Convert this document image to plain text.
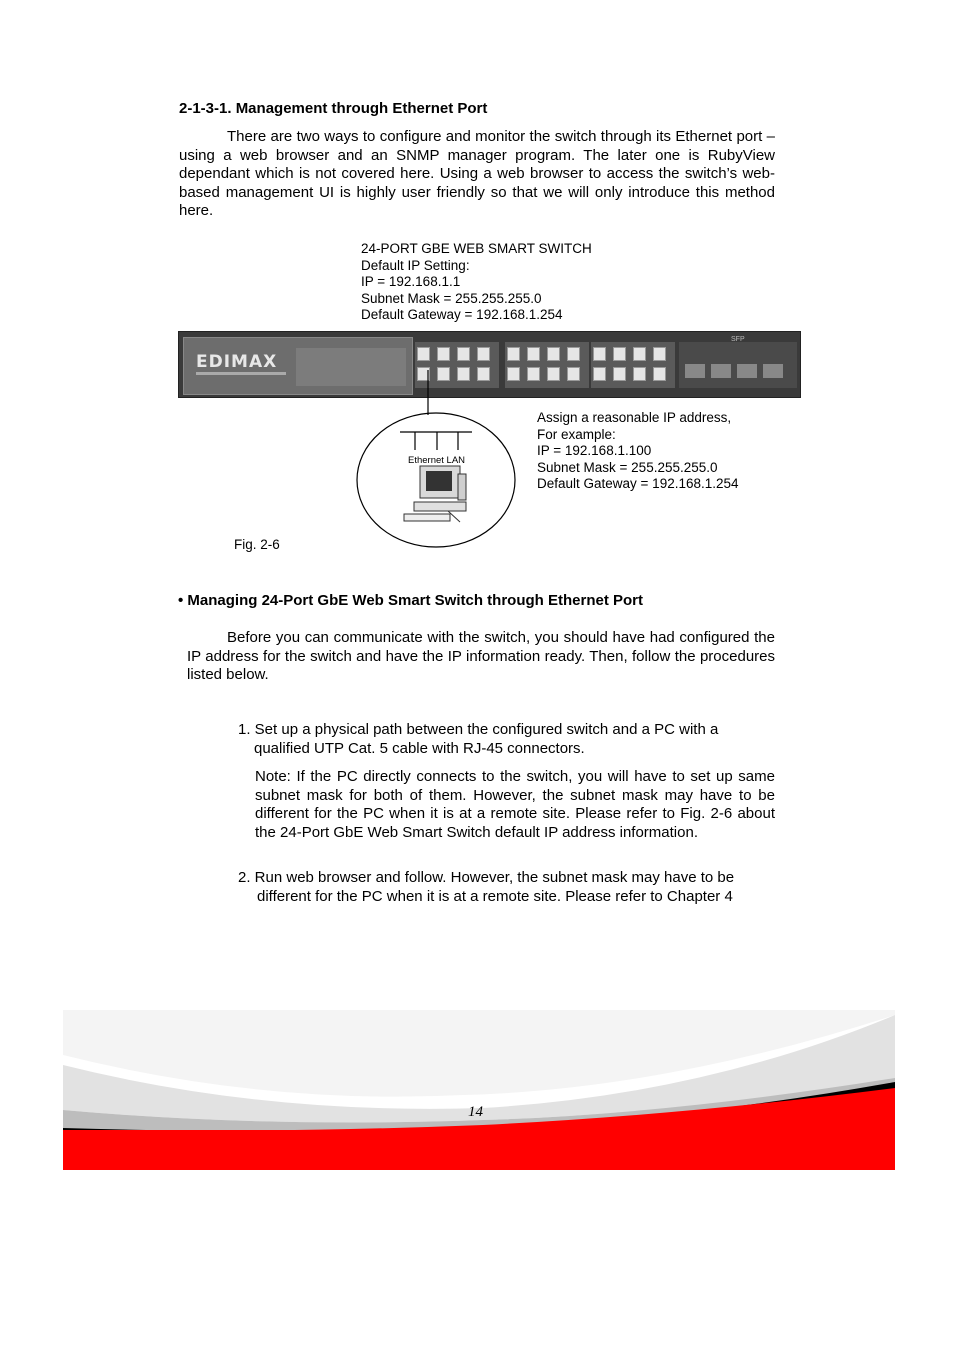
2-1-3-1. Management through Ethernet Port
There are two ways to configure and monitor the switch through its Ethernet port – using a web browser and an SNMP manager program. The later one is RubyView dependant which is not covered here. Using a web browser to access the switch’s web-based management UI is highly user friendly so that we will only introduce this method here.
24-PORT GBE WEB SMART SWITCH
Default IP Setting:
IP = 192.168.1.1
Subnet Mask = 255.255.255.0
Default Gateway = 192.168.1.254
EDIMAX
SFP
Ethernet LAN
Assign a reasonable IP address,
For example:
IP = 192.168.1.100
Subnet Mask = 255.255.255.0
Default Gateway = 192.168.1.254
Fig. 2-6
• Managing 24-Port GbE Web Smart Switch through Ethernet Port
Before you can communicate with the switch, you should have had configured the IP address for the switch and have the IP information ready. Then, follow the procedures listed below.
1. Set up a physical path between the configured switch and a PC with a
qualified UTP Cat. 5 cable with RJ-45 connectors.
Note: If the PC directly connects to the switch, you will have to set up same subnet mask for both of them. However, the subnet mask may have to be different for the PC when it is at a remote site. Please refer to Fig. 2-6 about the 24-Port GbE Web Smart Switch default IP address information.
2. Run web browser and follow. However, the subnet mask may have to be
different for the PC when it is at a remote site. Please refer to Chapter 4
14
